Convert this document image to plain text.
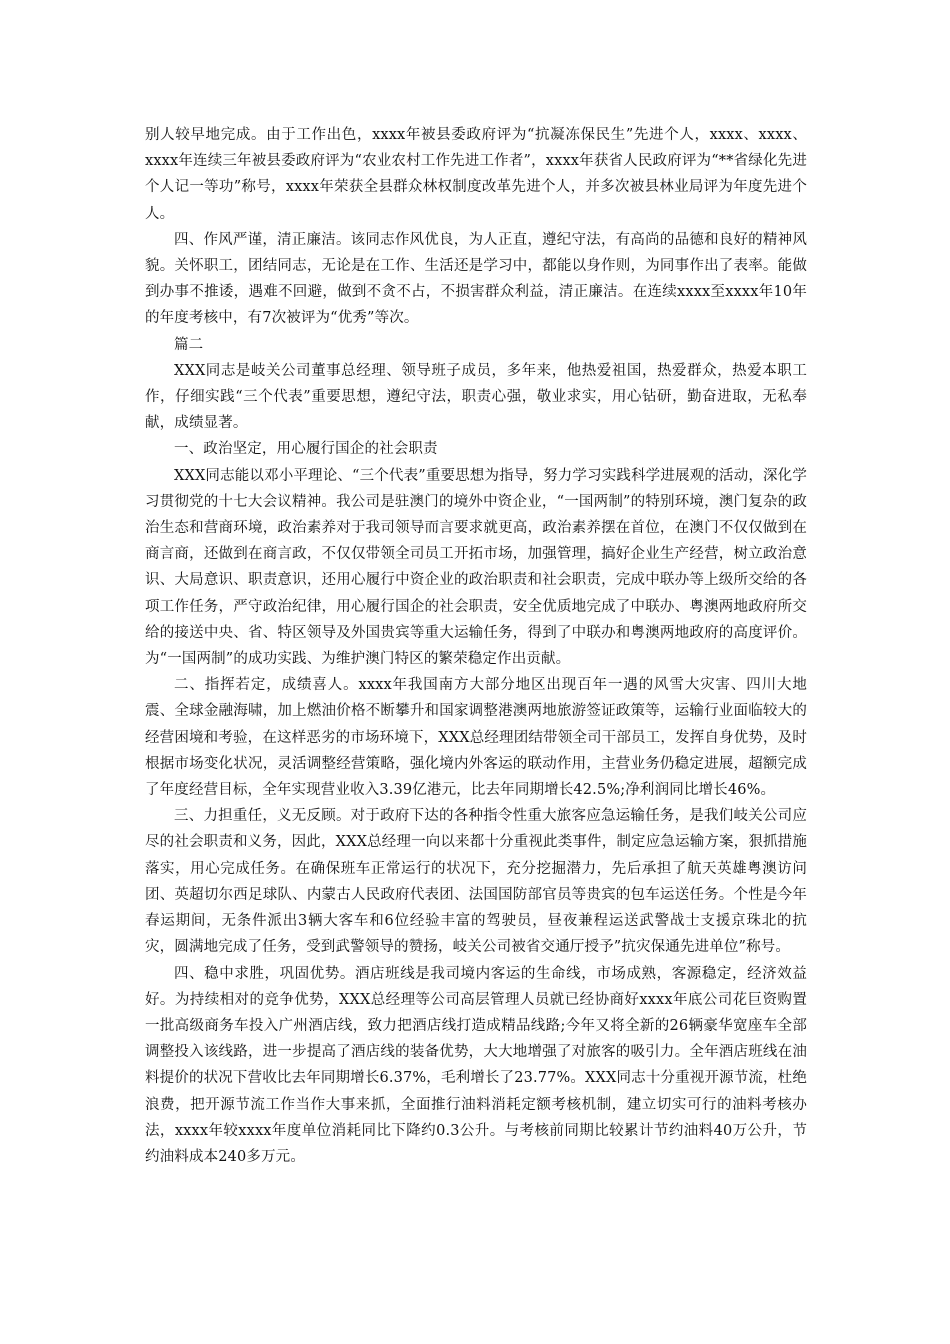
别人较早地完成。由于工作出色，xxxx年被县委政府评为“抗凝冻保民生”先进个人，xxxx、xxxx、xxxx年连续三年被县委政府评为“农业农村工作先进工作者”，xxxx年获省人民政府评为“**省绿化先进个人记一等功”称号，xxxx年荣获全县群众林权制度改革先进个人，并多次被县林业局评为年度先进个人。

四、作风严谨，清正廉洁。该同志作风优良，为人正直，遵纪守法，有高尚的品德和良好的精神风貌。关怀职工，团结同志，无论是在工作、生活还是学习中，都能以身作则，为同事作出了表率。能做到办事不推诿，遇难不回避，做到不贪不占，不损害群众利益，清正廉洁。在连续xxxx至xxxx年10年的年度考核中，有7次被评为“优秀”等次。

篇二

XXX同志是岐关公司董事总经理、领导班子成员，多年来，他热爱祖国，热爱群众，热爱本职工作，仔细实践“三个代表”重要思想，遵纪守法，职责心强，敬业求实，用心钻研，勤奋进取，无私奉献，成绩显著。

一、政治坚定，用心履行国企的社会职责

XXX同志能以邓小平理论、“三个代表”重要思想为指导，努力学习实践科学进展观的活动，深化学习贯彻党的十七大会议精神。我公司是驻澳门的境外中资企业，“一国两制”的特别环境，澳门复杂的政治生态和营商环境，政治素养对于我司领导而言要求就更高，政治素养摆在首位，在澳门不仅仅做到在商言商，还做到在商言政，不仅仅带领全司员工开拓市场，加强管理，搞好企业生产经营，树立政治意识、大局意识、职责意识，还用心履行中资企业的政治职责和社会职责，完成中联办等上级所交给的各项工作任务，严守政治纪律，用心履行国企的社会职责，安全优质地完成了中联办、粤澳两地政府所交给的接送中央、省、特区领导及外国贵宾等重大运输任务，得到了中联办和粤澳两地政府的高度评价。为“一国两制”的成功实践、为维护澳门特区的繁荣稳定作出贡献。

二、指挥若定，成绩喜人。xxxx年我国南方大部分地区出现百年一遇的风雪大灾害、四川大地震、全球金融海啸，加上燃油价格不断攀升和国家调整港澳两地旅游签证政策等，运输行业面临较大的经营困境和考验，在这样恶劣的市场环境下，XXX总经理团结带领全司干部员工，发挥自身优势，及时根据市场变化状况，灵活调整经营策略，强化境内外客运的联动作用，主营业务仍稳定进展，超额完成了年度经营目标，全年实现营业收入3.39亿港元，比去年同期增长42.5%;净利润同比增长46%。

三、力担重任，义无反顾。对于政府下达的各种指令性重大旅客应急运输任务，是我们岐关公司应尽的社会职责和义务，因此，XXX总经理一向以来都十分重视此类事件，制定应急运输方案，狠抓措施落实，用心完成任务。在确保班车正常运行的状况下，充分挖掘潜力，先后承担了航天英雄粤澳访问团、英超切尔西足球队、内蒙古人民政府代表团、法国国防部官员等贵宾的包车运送任务。个性是今年春运期间，无条件派出3辆大客车和6位经验丰富的驾驶员，昼夜兼程运送武警战士支援京珠北的抗灾，圆满地完成了任务，受到武警领导的赞扬，岐关公司被省交通厅授予”抗灾保通先进单位”称号。

四、稳中求胜，巩固优势。酒店班线是我司境内客运的生命线，市场成熟，客源稳定，经济效益好。为持续相对的竞争优势，XXX总经理等公司高层管理人员就已经协商好xxxx年底公司花巨资购置一批高级商务车投入广州酒店线，致力把酒店线打造成精品线路;今年又将全新的26辆豪华宽座车全部调整投入该线路，进一步提高了酒店线的装备优势，大大地增强了对旅客的吸引力。全年酒店班线在油料提价的状况下营收比去年同期增长6.37%，毛利增长了23.77%。XXX同志十分重视开源节流，杜绝浪费，把开源节流工作当作大事来抓，全面推行油料消耗定额考核机制，建立切实可行的油料考核办法，xxxx年较xxxx年度单位消耗同比下降约0.3公升。与考核前同期比较累计节约油料40万公升，节约油料成本240多万元。
